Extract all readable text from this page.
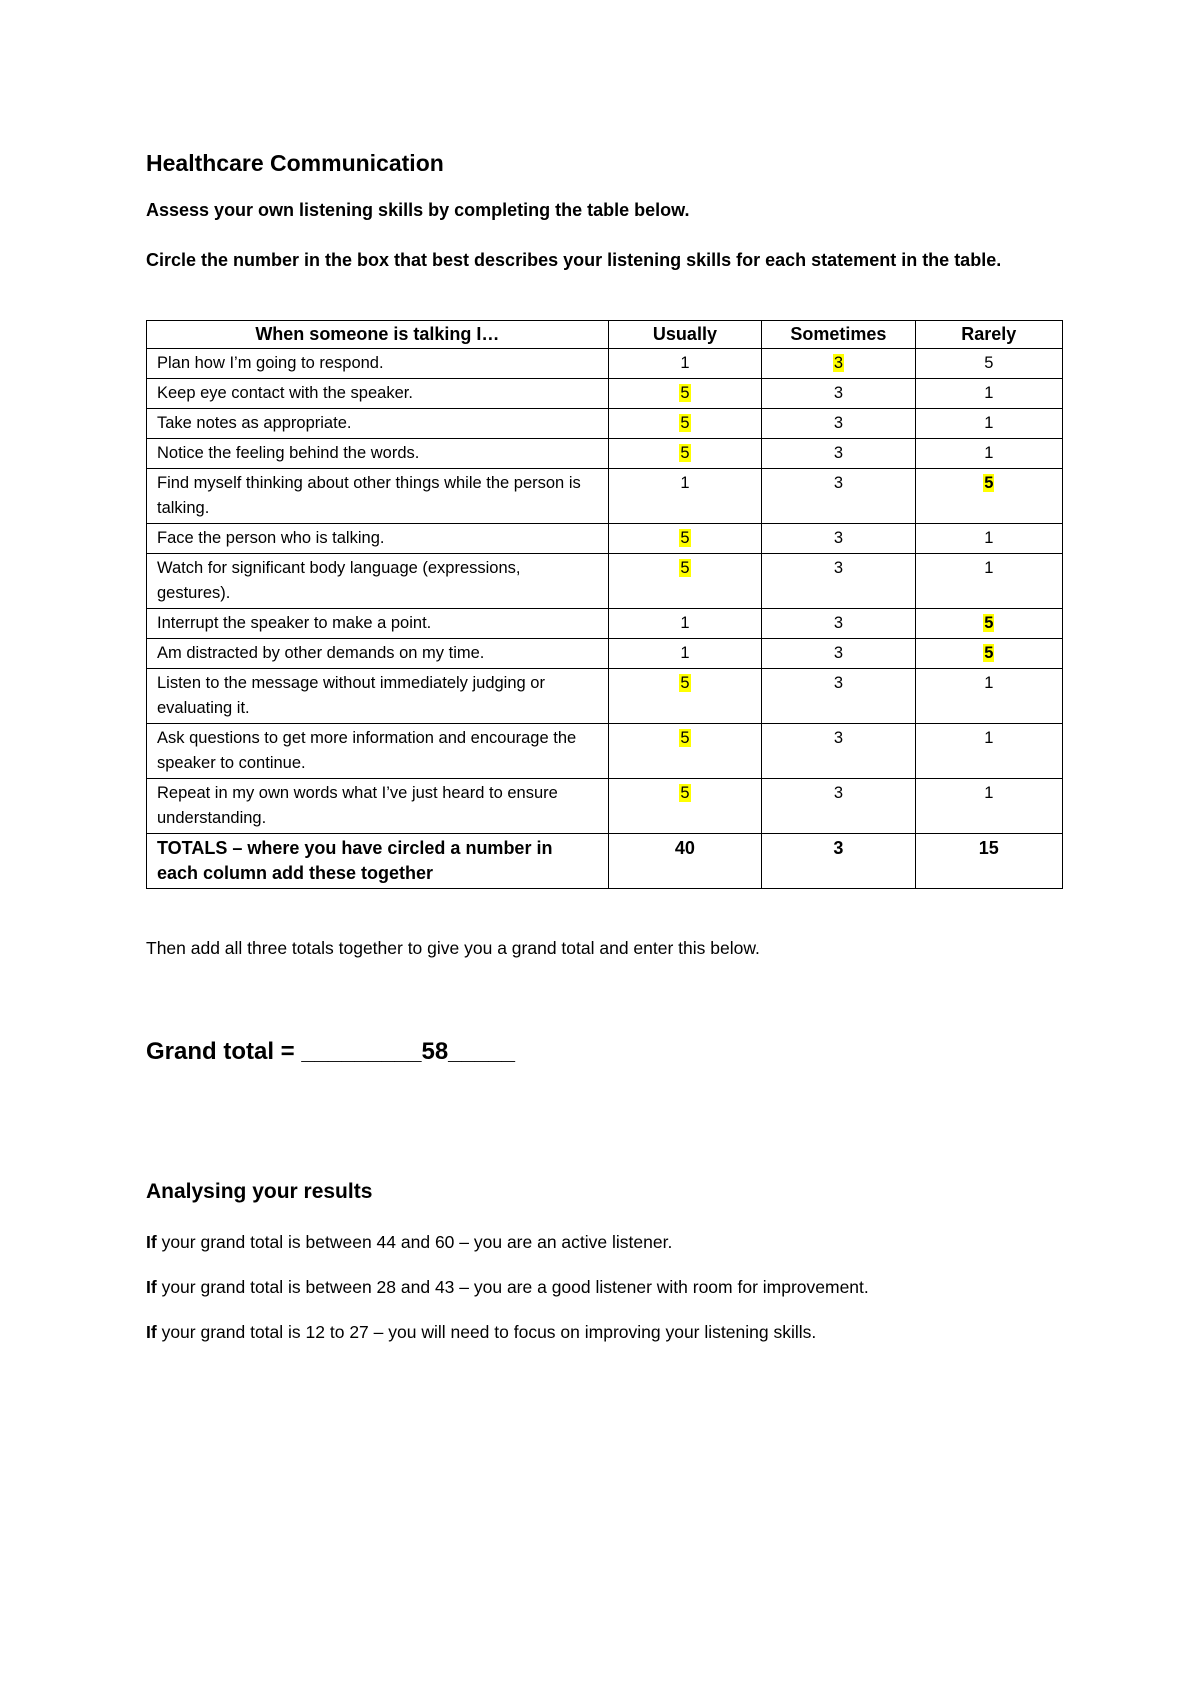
Healthcare Communication
Assess your own listening skills by completing the table below.
Circle the number in the box that best describes your listening skills for each statement in the table.
When someone is talking I…	Usually	Sometimes	Rarely
Plan how I’m going to respond.	1	3	5
Keep eye contact with the speaker.	5	3	1
Take notes as appropriate.	5	3	1
Notice the feeling behind the words.	5	3	1
Find myself thinking about other things while the person is talking.	1	3	5
Face the person who is talking.	5	3	1
Watch for significant body language (expressions, gestures).	5	3	1
Interrupt the speaker to make a point.	1	3	5
Am distracted by other demands on my time.	1	3	5
Listen to the message without immediately judging or evaluating it.	5	3	1
Ask questions to get more information and encourage the speaker to continue.	5	3	1
Repeat in my own words what I’ve just heard to ensure understanding.	5	3	1
TOTALS – where you have circled a number in each column add these together	40	3	15
Then add all three totals together to give you a grand total and enter this below.
Grand total = _________58_____
Analysing your results
If your grand total is between 44 and 60 – you are an active listener.
If your grand total is between 28 and 43 – you are a good listener with room for improvement.
If your grand total is 12 to 27 – you will need to focus on improving your listening skills.
